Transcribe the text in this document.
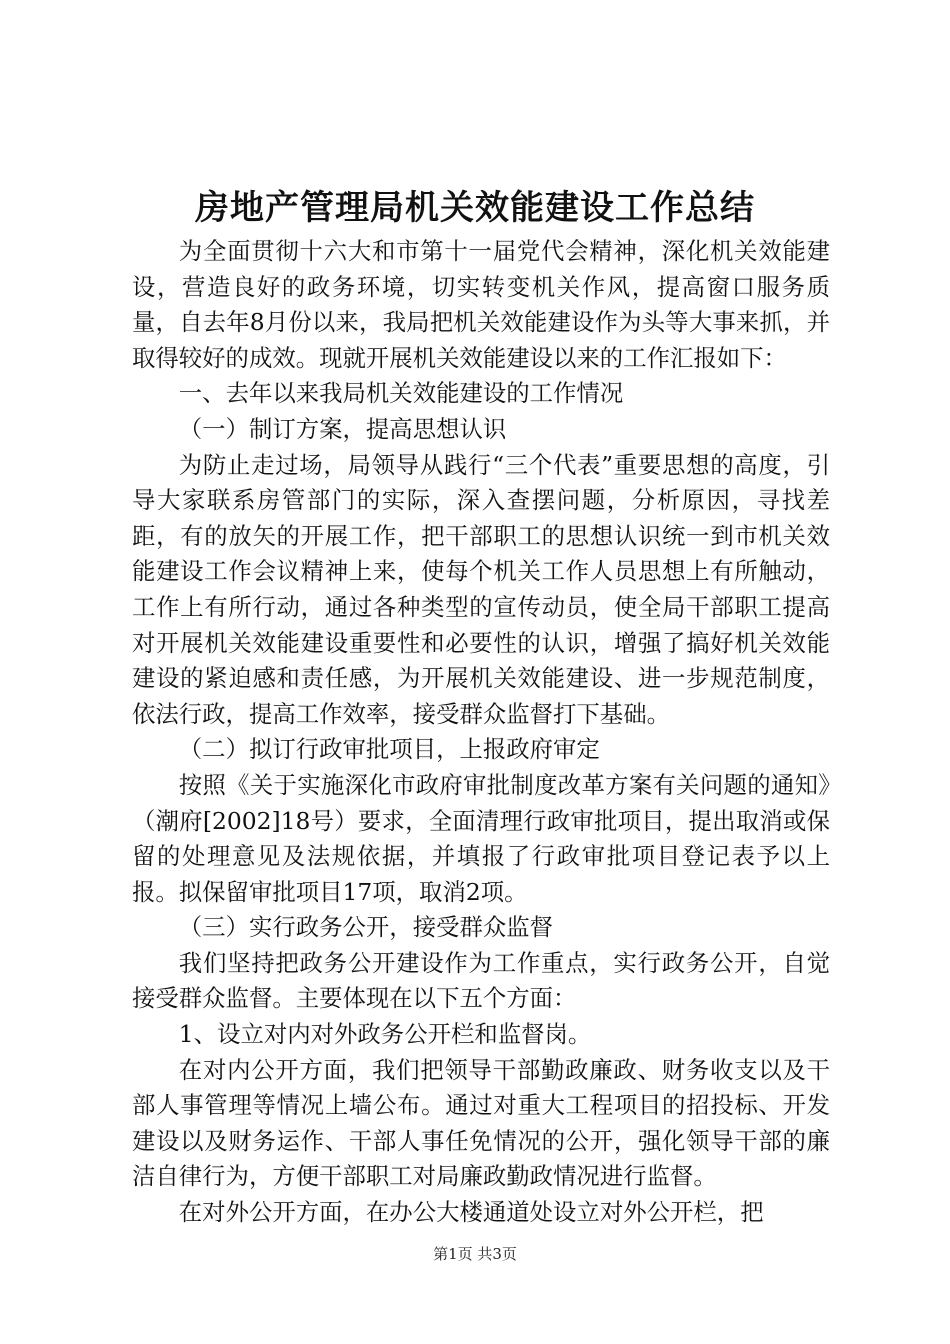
房地产管理局机关效能建设工作总结

为全面贯彻十六大和市第十一届党代会精神，深化机关效能建设，营造良好的政务环境，切实转变机关作风，提高窗口服务质量，自去年8月份以来，我局把机关效能建设作为头等大事来抓，并取得较好的成效。现就开展机关效能建设以来的工作汇报如下：

一、去年以来我局机关效能建设的工作情况

（一）制订方案，提高思想认识

为防止走过场，局领导从践行“三个代表”重要思想的高度，引导大家联系房管部门的实际，深入查摆问题，分析原因，寻找差距，有的放矢的开展工作，把干部职工的思想认识统一到市机关效能建设工作会议精神上来，使每个机关工作人员思想上有所触动，工作上有所行动，通过各种类型的宣传动员，使全局干部职工提高对开展机关效能建设重要性和必要性的认识，增强了搞好机关效能建设的紧迫感和责任感，为开展机关效能建设、进一步规范制度，依法行政，提高工作效率，接受群众监督打下基础。

（二）拟订行政审批项目，上报政府审定

按照《关于实施深化市政府审批制度改革方案有关问题的通知》（潮府[2002]18号）要求，全面清理行政审批项目，提出取消或保留的处理意见及法规依据，并填报了行政审批项目登记表予以上报。拟保留审批项目17项，取消2项。

（三）实行政务公开，接受群众监督

我们坚持把政务公开建设作为工作重点，实行政务公开，自觉接受群众监督。主要体现在以下五个方面：

1、设立对内对外政务公开栏和监督岗。

在对内公开方面，我们把领导干部勤政廉政、财务收支以及干部人事管理等情况上墙公布。通过对重大工程项目的招投标、开发建设以及财务运作、干部人事任免情况的公开，强化领导干部的廉洁自律行为，方便干部职工对局廉政勤政情况进行监督。

在对外公开方面，在办公大楼通道处设立对外公开栏，把

第1页 共3页
